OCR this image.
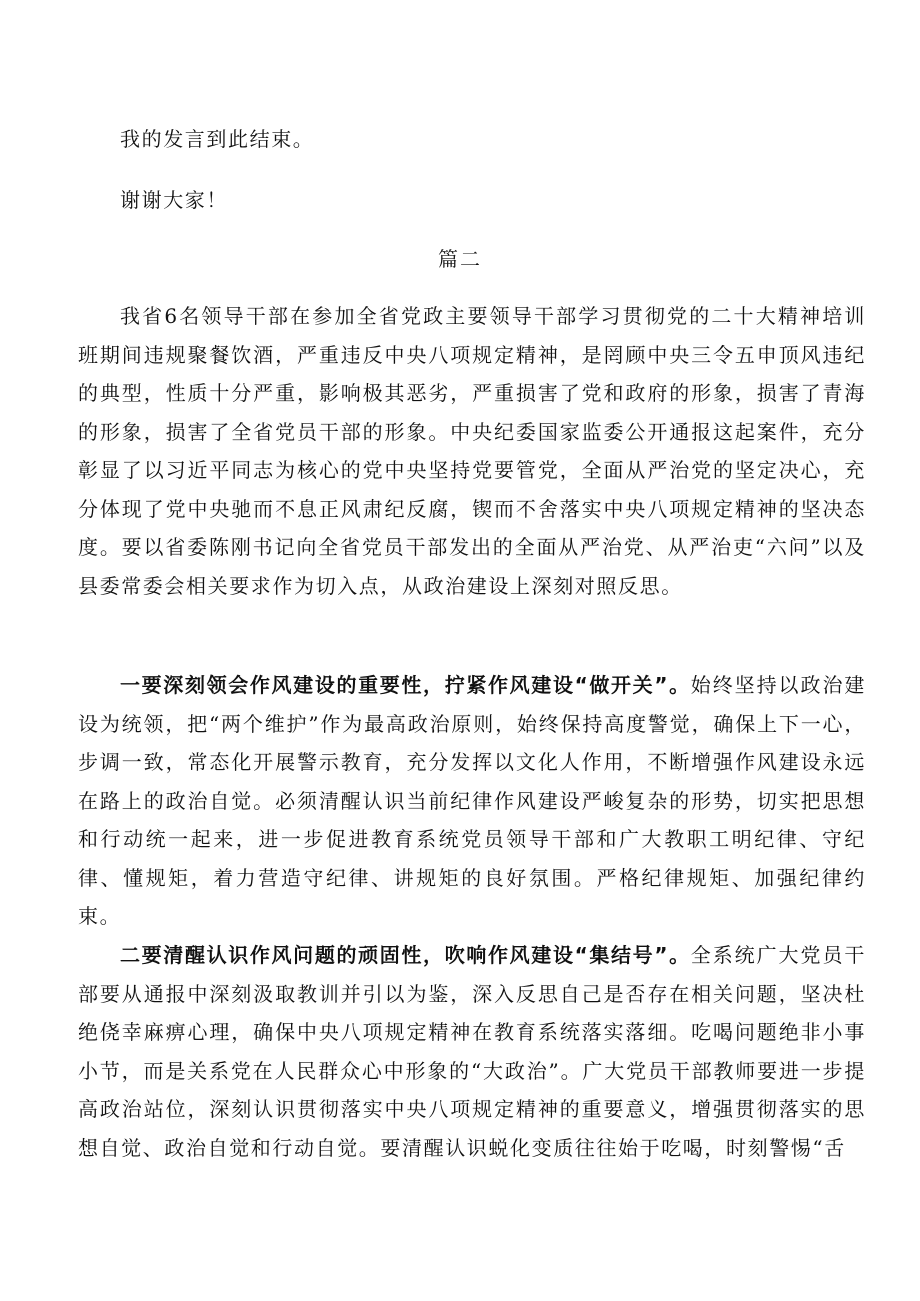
我的发言到此结束。

谢谢大家！

篇二

我省6名领导干部在参加全省党政主要领导干部学习贯彻党的二十大精神培训班期间违规聚餐饮酒，严重违反中央八项规定精神，是罔顾中央三令五申顶风违纪的典型，性质十分严重，影响极其恶劣，严重损害了党和政府的形象，损害了青海的形象，损害了全省党员干部的形象。中央纪委国家监委公开通报这起案件，充分彰显了以习近平同志为核心的党中央坚持党要管党，全面从严治党的坚定决心，充分体现了党中央驰而不息正风肃纪反腐，锲而不舍落实中央八项规定精神的坚决态度。要以省委陈刚书记向全省党员干部发出的全面从严治党、从严治吏“六问”以及县委常委会相关要求作为切入点，从政治建设上深刻对照反思。

一要深刻领会作风建设的重要性，拧紧作风建设“做开关”。始终坚持以政治建设为统领，把“两个维护”作为最高政治原则，始终保持高度警觉，确保上下一心，步调一致，常态化开展警示教育，充分发挥以文化人作用，不断增强作风建设永远在路上的政治自觉。必须清醒认识当前纪律作风建设严峻复杂的形势，切实把思想和行动统一起来，进一步促进教育系统党员领导干部和广大教职工明纪律、守纪律、懂规矩，着力营造守纪律、讲规矩的良好氛围。严格纪律规矩、加强纪律约束。

二要清醒认识作风问题的顽固性，吹响作风建设“集结号”。全系统广大党员干部要从通报中深刻汲取教训并引以为鉴，深入反思自己是否存在相关问题，坚决杜绝侥幸麻痹心理，确保中央八项规定精神在教育系统落实落细。吃喝问题绝非小事小节，而是关系党在人民群众心中形象的“大政治”。广大党员干部教师要进一步提高政治站位，深刻认识贯彻落实中央八项规定精神的重要意义，增强贯彻落实的思想自觉、政治自觉和行动自觉。要清醒认识蜕化变质往往始于吃喝，时刻警惕“舌
